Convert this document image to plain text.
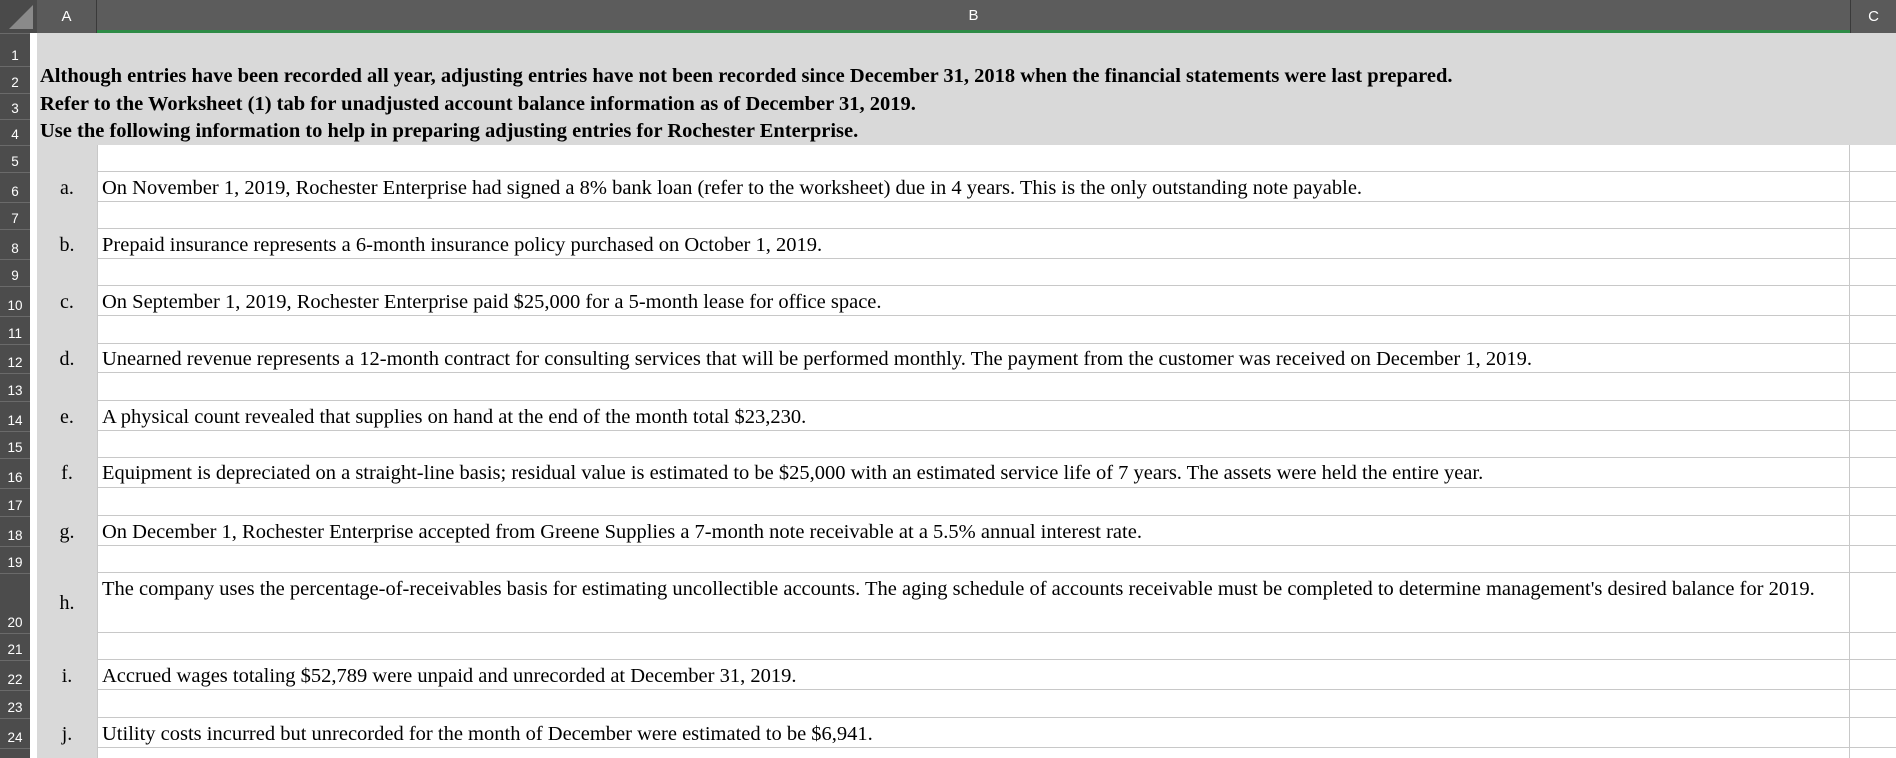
A	B	C
1
2
3
4
5
6
7
8
9
10
11
12
13
14
15
16
17
18
19
20
21
22
23
24
Although entries have been recorded all year, adjusting entries have not been recorded since December 31, 2018 when the financial statements were last prepared.
Refer to the Worksheet (1) tab for unadjusted account balance information as of December 31, 2019.
Use the following information to help in preparing adjusting entries for Rochester Enterprise.
a.
b.
c.
d.
e.
f.
g.
h.
i.
j.
On November 1, 2019, Rochester Enterprise had signed a 8% bank loan (refer to the worksheet) due in 4 years. This is the only outstanding note payable.
Prepaid insurance represents a 6-month insurance policy purchased on October 1, 2019.
On September 1, 2019, Rochester Enterprise paid $25,000 for a 5-month lease for office space.
Unearned revenue represents a 12-month contract for consulting services that will be performed monthly. The payment from the customer was received on December 1, 2019.
A physical count revealed that supplies on hand at the end of the month total $23,230.
Equipment is depreciated on a straight-line basis; residual value is estimated to be $25,000 with an estimated service life of 7 years. The assets were held the entire year.
On December 1, Rochester Enterprise accepted from Greene Supplies a 7-month note receivable at a 5.5% annual interest rate.
The company uses the percentage-of-receivables basis for estimating uncollectible accounts. The aging schedule of accounts receivable must be completed to determine management's desired balance for 2019.
Accrued wages totaling $52,789 were unpaid and unrecorded at December 31, 2019.
Utility costs incurred but unrecorded for the month of December were estimated to be $6,941.
